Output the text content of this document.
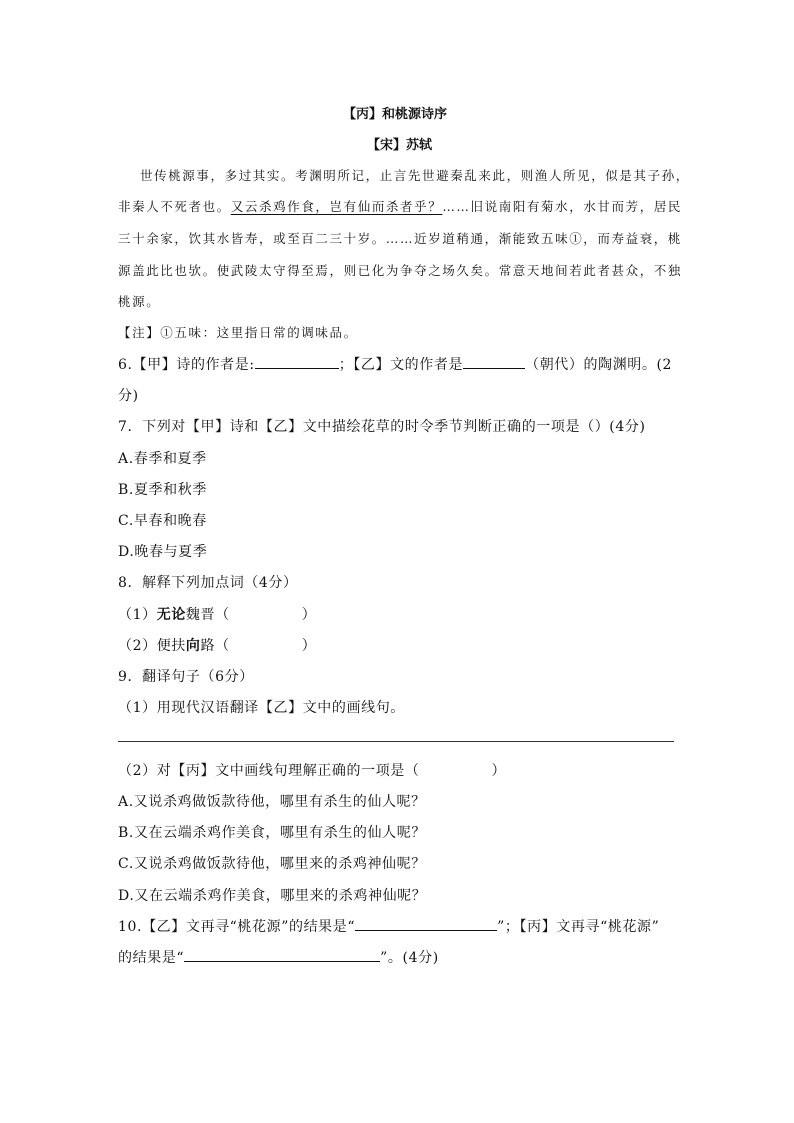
【丙】和桃源诗序
【宋】苏轼
世传桃源事，多过其实。考渊明所记，止言先世避秦乱来此，则渔人所见，似是其子孙，
非秦人不死者也。又云杀鸡作食，岂有仙而杀者乎？……旧说南阳有菊水，水甘而芳，居民
三十余家，饮其水皆寿，或至百二三十岁。……近岁道稍通，渐能致五味①，而寿益衰，桃
源盖此比也欤。使武陵太守得至焉，则已化为争夺之场久矣。常意天地间若此者甚众，不独
桃源。
【注】①五味：这里指日常的调味品。
6.【甲】诗的作者是:	；【乙】文的作者是	（朝代）的陶渊明。(2
分)
7．下列对【甲】诗和【乙】文中描绘花草的时令季节判断正确的一项是（）(4分)
A.春季和夏季
B.夏季和秋季
C.早春和晚春
D.晚春与夏季
8．解释下列加点词（4分）
（1）无论魏晋（	）
（2）便扶向路（	）
9．翻译句子（6分）
（1）用现代汉语翻译【乙】文中的画线句。
（2）对【丙】文中画线句理解正确的一项是（	）
A.又说杀鸡做饭款待他，哪里有杀生的仙人呢？
B.又在云端杀鸡作美食，哪里有杀生的仙人呢？
C.又说杀鸡做饭款待他，哪里来的杀鸡神仙呢？
D.又在云端杀鸡作美食，哪里来的杀鸡神仙呢？
10.【乙】文再寻“桃花源”的结果是“	”；【丙】文再寻“桃花源”
的结果是“	”。(4分)
